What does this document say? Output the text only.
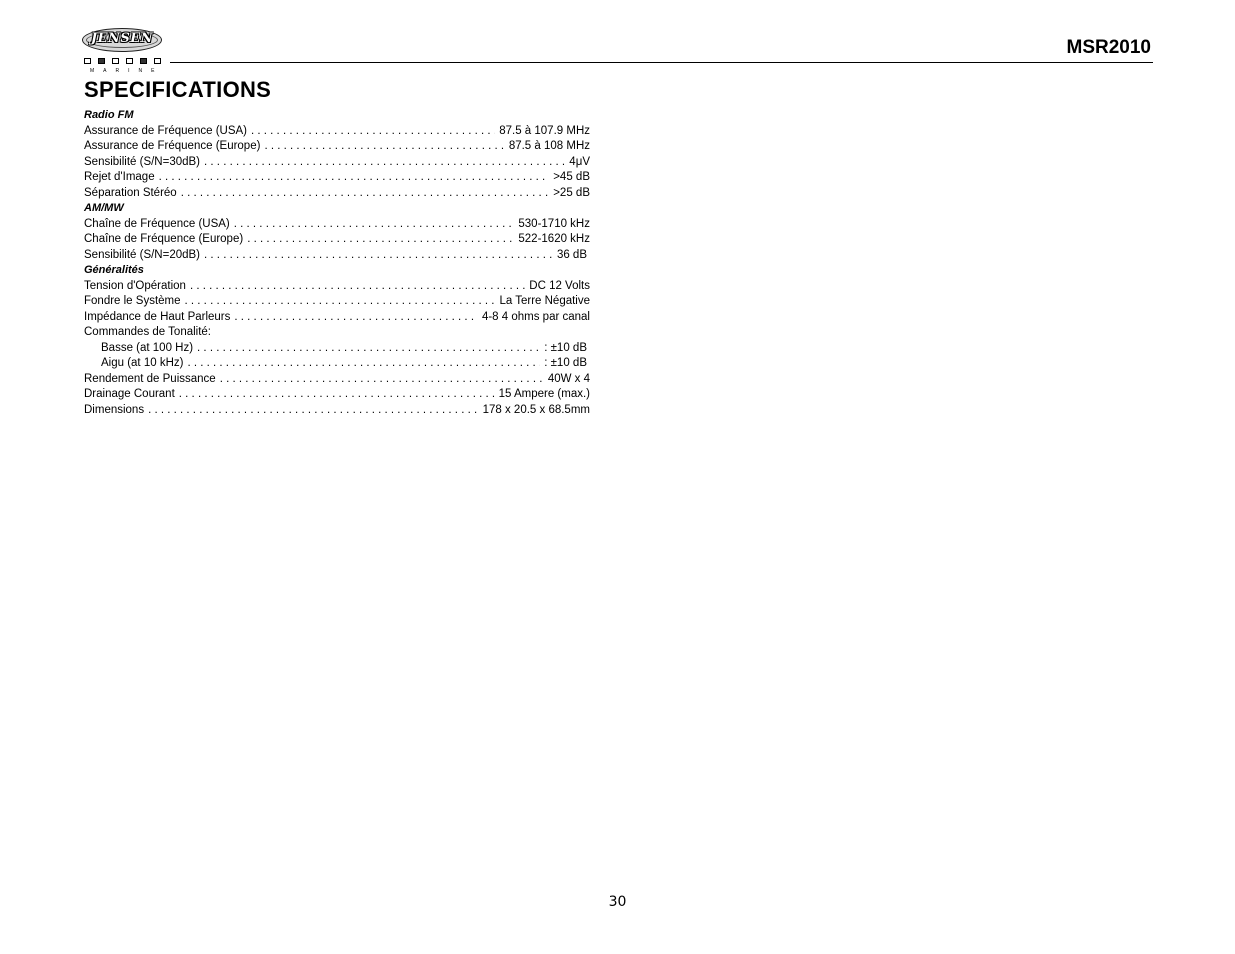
JENSEN
MARINE
MSR2010
SPECIFICATIONS
Radio FM
Assurance de Fréquence (USA) . . .	87.5 à 107.9 MHz
Assurance de Fréquence (Europe) . . .	87.5 à 108 MHz
Sensibilité (S/N=30dB) . . .	4μV
Rejet d'Image . . .	>45 dB
Séparation Stéréo . . .	>25 dB
AM/MW
Chaîne de Fréquence (USA) . . .	530-1710 kHz
Chaîne de Fréquence (Europe) . . .	522-1620 kHz
Sensibilité (S/N=20dB) . . .	36 dB
Généralités
Tension d'Opération . . .	DC 12 Volts
Fondre le Système . . .	La Terre Négative
Impédance de Haut Parleurs . . .	4-8 4 ohms par canal
Commandes de Tonalité:
Basse (at 100 Hz) . . .	: ±10 dB
Aigu (at 10 kHz) . . .	: ±10 dB
Rendement de Puissance . . .	40W x 4
Drainage Courant . . .	15 Ampere (max.)
Dimensions . . .	178 x 20.5 x 68.5mm
30
